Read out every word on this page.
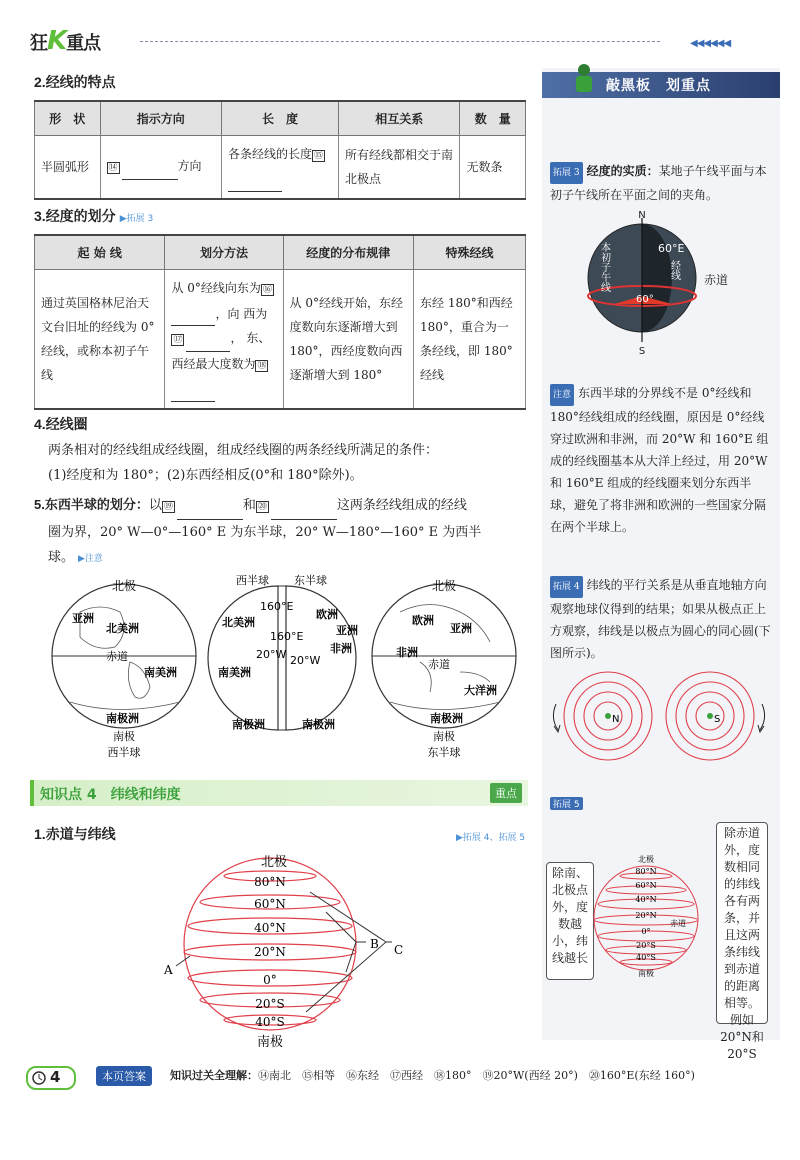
狂K重点	◀◀◀◀◀◀
2.经线的特点
形　状	指示方向	长　度	相互关系	数　量
半圆弧形	⑭ 方向	各条经线的长度 ⑮	所有经线都相交于南北极点	无数条
3.经度的划分 ▶拓展 3
起 始 线	划分方法	经度的分布规律	特殊经线
通过英国格林尼治天文台旧址的经线为 0° 经线，或称本初子午线	从 0°经线向东为 ⑯，向 西为⑰ ， 东、西经最大度数为 ⑱	从 0°经线开始，东经度数向东逐渐增大到 180°，西经度数向西逐渐增大到 180°	东经 180°和西经 180°，重合为一条经线，即 180°经线
4.经线圈

两条相对的经线组成经线圈，组成经线圈的两条经线所满足的条件：

(1)经度和为 180°；(2)东西经相反(0°和 180°除外)。

5.东西半球的划分：以 ⑲	和 ⑳	这两条经线组成的经线

圈为界，20° W—0°—160° E 为东半球，20° W—180°—160° E 为西半

球。 ▶注意

北极
亚洲
北美洲
赤道
南美洲
南极洲
南极
西半球
西半球 东半球
160°E
160°E
20°W 20°W
北美洲
欧洲
亚洲
非洲
南美洲
南极洲	南极洲
北极
欧洲
亚洲
非洲
赤道
大洋洲
南极洲
南极
东半球
知识点 4　纬线和纬度	重点
1.赤道与纬线	▶拓展 4、拓展 5
北极
80°N
60°N
40°N
20°N
0°
20°S
40°S
南极
A
B C
敲黑板　划重点
拓展 3 经度的实质：某地子午线平面与本初子午线所在平面之间的夹角。
N
S
60°E
60°
本初子午线	经线 赤道
注意 东西半球的分界线不是 0°经线和 180°经线组成的经线圈，原因是 0°经线穿过欧洲和非洲，而 20°W 和 160°E 组成的经线圈基本从大洋上经过，用 20°W 和 160°E 组成的经线圈来划分东西半球，避免了将非洲和欧洲的一些国家分隔在两个半球上。
拓展 4 纬线的平行关系是从垂直地轴方向观察地球仪得到的结果；如果从极点正上方观察，纬线是以极点为圆心的同心圆(下图所示)。
N	S
拓展 5
除南、北极点外，度数越小，纬线越长
除赤道外，度数相同的纬线各有两条，并且这两条纬线到赤道的距离相等。例如20°N和20°S
北极
80°N
60°N
40°N
20°N
0°
赤道
20°S
40°S
南极
4	本页答案	知识过关全理解：⑭南北　⑮相等　⑯东经　⑰西经　⑱180°　⑲20°W(西经 20°)　⑳160°E(东经 160°)
